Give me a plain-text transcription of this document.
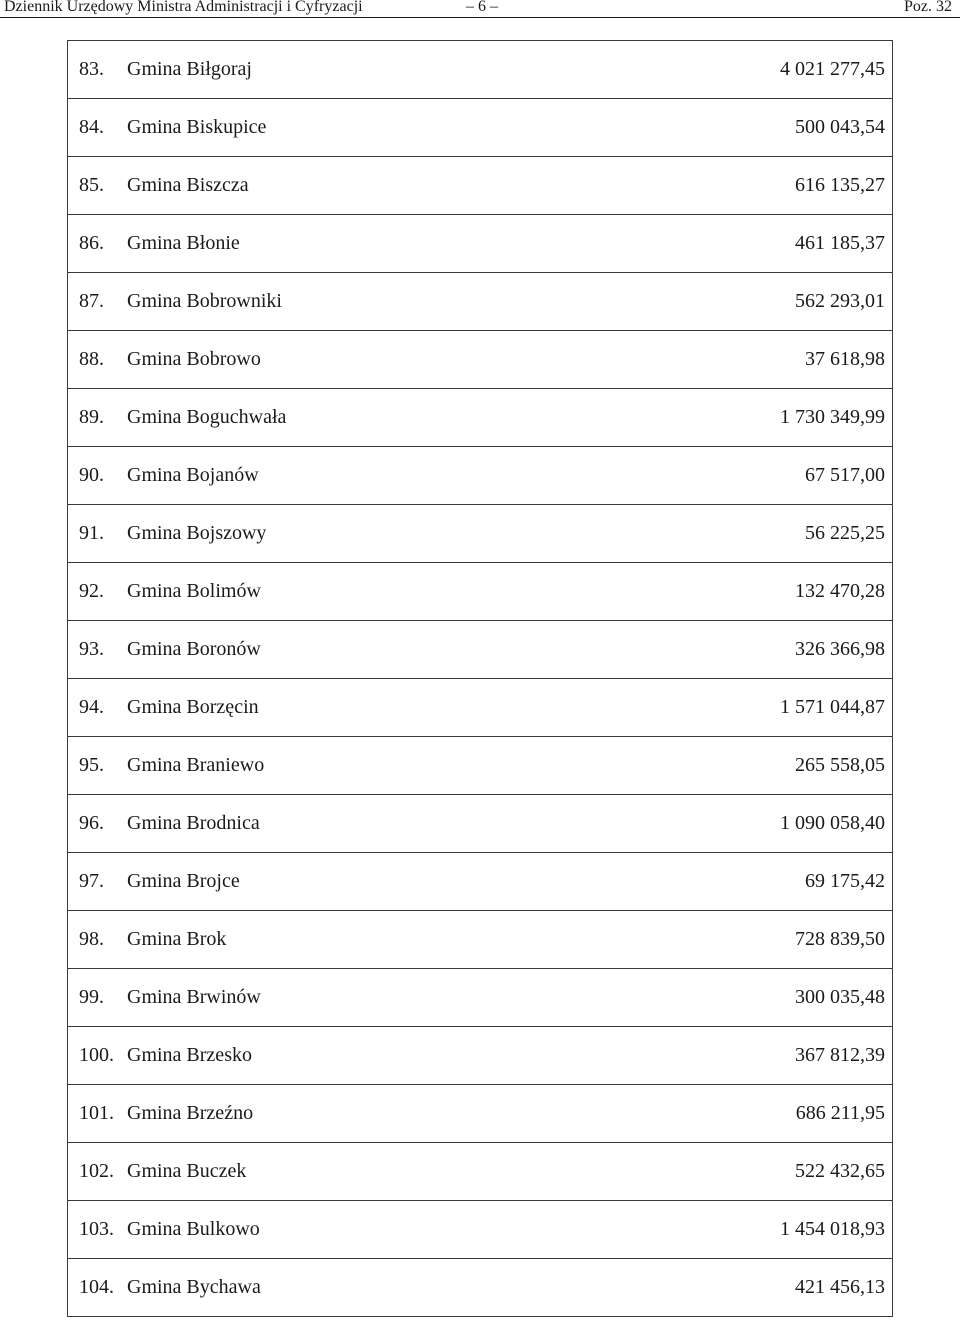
Dziennik Urzędowy Ministra Administracji i Cyfryzacji	– 6 –	Poz. 32
83.	Gmina Biłgoraj	4 021 277,45
84.	Gmina Biskupice	500 043,54
85.	Gmina Biszcza	616 135,27
86.	Gmina Błonie	461 185,37
87.	Gmina Bobrowniki	562 293,01
88.	Gmina Bobrowo	37 618,98
89.	Gmina Boguchwała	1 730 349,99
90.	Gmina Bojanów	67 517,00
91.	Gmina Bojszowy	56 225,25
92.	Gmina Bolimów	132 470,28
93.	Gmina Boronów	326 366,98
94.	Gmina Borzęcin	1 571 044,87
95.	Gmina Braniewo	265 558,05
96.	Gmina Brodnica	1 090 058,40
97.	Gmina Brojce	69 175,42
98.	Gmina Brok	728 839,50
99.	Gmina Brwinów	300 035,48
100.	Gmina Brzesko	367 812,39
101.	Gmina Brzeźno	686 211,95
102.	Gmina Buczek	522 432,65
103.	Gmina Bulkowo	1 454 018,93
104.	Gmina Bychawa	421 456,13
